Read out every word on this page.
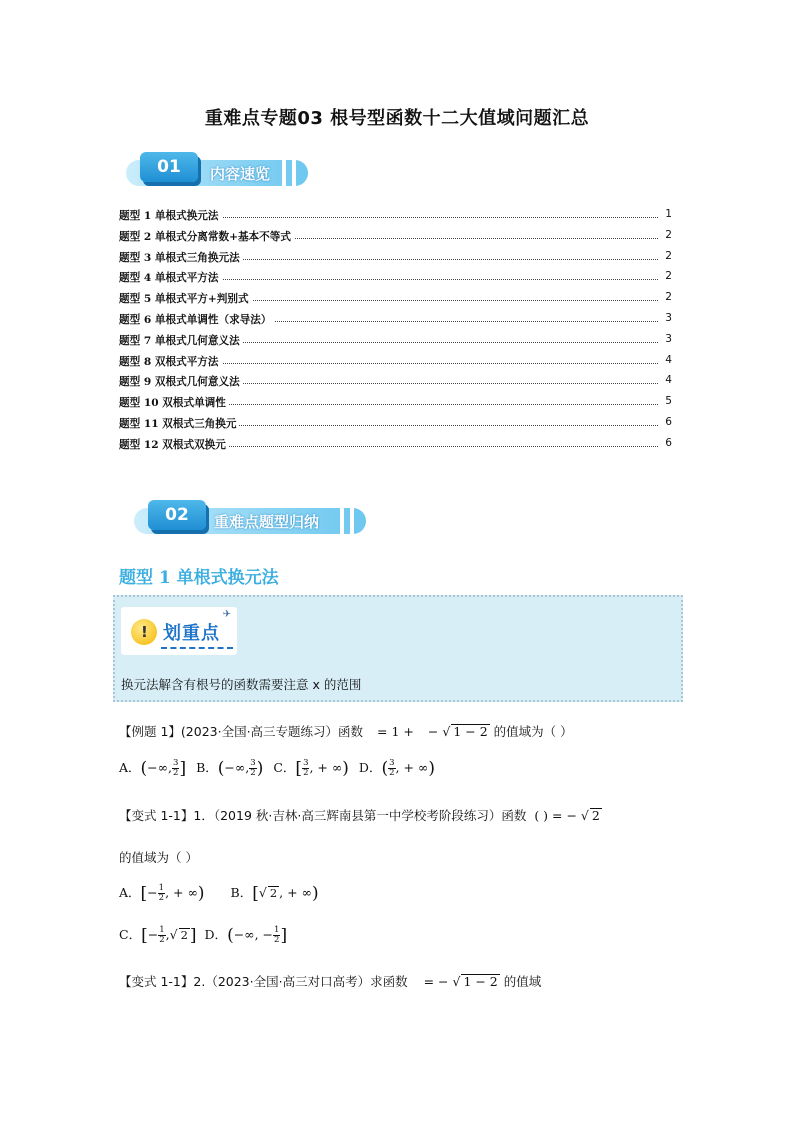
重难点专题03 根号型函数十二大值域问题汇总
01	内容速览
题型 1 单根式换元法	1
题型 2 单根式分离常数+基本不等式	2
题型 3 单根式三角换元法	2
题型 4 单根式平方法	2
题型 5 单根式平方+判别式	2
题型 6 单根式单调性（求导法）	3
题型 7 单根式几何意义法	3
题型 8 双根式平方法	4
题型 9 双根式几何意义法	4
题型 10 双根式单调性	5
题型 11 双根式三角换元	6
题型 12 双根式双换元	6
02	重难点题型归纳
题型 1 单根式换元法
! 划重点
✈
换元法解含有根号的函数需要注意 x 的范围
【例题 1】(2023·全国·高三专题练习）函数 = 1 + − √ 1 − 2 的值域为（ ）
A．(−∞, $\frac{3}{2}$ ] B．(−∞, $\frac{3}{2}$ ) C．[ $\frac{3}{2}$ , + ∞) D．( $\frac{3}{2}$ , + ∞)
【变式 1-1】1．（2019 秋·吉林·高三辉南县第一中学校考阶段练习）函数 ( ) = − √ 2
的值域为（ ）
A．[− $\frac{1}{2}$ , + ∞) B．[√ 2 , + ∞)
C．[− $\frac{1}{2}$ ,√ 2 ] D．(−∞, − $\frac{1}{2}$ ]
【变式 1-1】2.（2023·全国·高三对口高考）求函数 = − √ 1 − 2 的值域
